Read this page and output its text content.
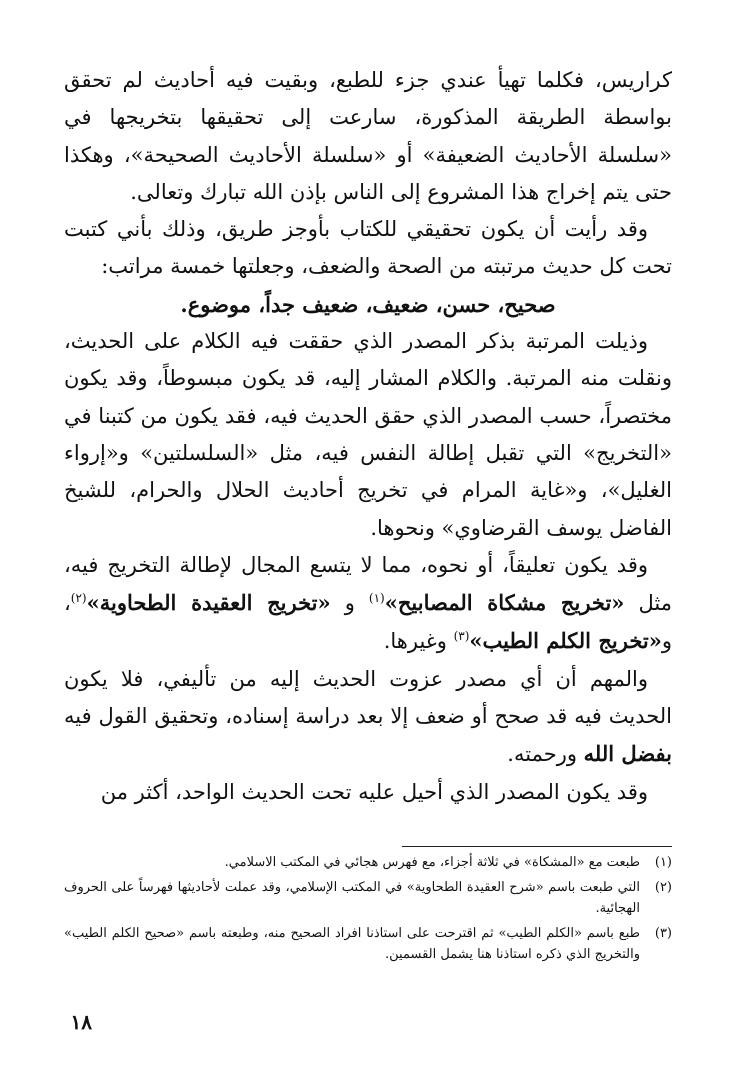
كراريس، فكلما تهيأ عندي جزء للطبع، وبقيت فيه أحاديث لم تحقق بواسطة الطريقة المذكورة، سارعت إلى تحقيقها بتخريجها في «سلسلة الأحاديث الضعيفة» أو «سلسلة الأحاديث الصحيحة»، وهكذا حتى يتم إخراج هذا المشروع إلى الناس بإذن الله تبارك وتعالى.

وقد رأيت أن يكون تحقيقي للكتاب بأوجز طريق، وذلك بأني كتبت تحت كل حديث مرتبته من الصحة والضعف، وجعلتها خمسة مراتب:

صحيح، حسن، ضعيف، ضعيف جداً، موضوع.

وذيلت المرتبة بذكر المصدر الذي حققت فيه الكلام على الحديث، ونقلت منه المرتبة. والكلام المشار إليه، قد يكون مبسوطاً، وقد يكون مختصراً، حسب المصدر الذي حقق الحديث فيه، فقد يكون من كتبنا في «التخريج» التي تقبل إطالة النفس فيه، مثل «السلسلتين» و«إرواء الغليل»، و«غاية المرام في تخريج أحاديث الحلال والحرام، للشيخ الفاضل يوسف القرضاوي» ونحوها.

وقد يكون تعليقاً، أو نحوه، مما لا يتسع المجال لإطالة التخريج فيه، مثل «تخريج مشكاة المصابيح»$^{(١)}$ و «تخريج العقيدة الطحاوية»$^{(٢)}$، و«تخريج الكلم الطيب»$^{(٣)}$ وغيرها.

والمهم أن أي مصدر عزوت الحديث إليه من تأليفي، فلا يكون الحديث فيه قد صحح أو ضعف إلا بعد دراسة إسناده، وتحقيق القول فيه بفضل الله ورحمته.

وقد يكون المصدر الذي أحيل عليه تحت الحديث الواحد، أكثر من

(١)
طبعت مع «المشكاة» في ثلاثة أجزاء، مع فهرس هجائي في المكتب الاسلامي.
(٢)
التي طبعت باسم «شرح العقيدة الطحاوية» في المكتب الإسلامي، وقد عملت لأحاديثها فهرساً على الحروف الهجائية.
(٣)
طبع باسم «الكلم الطيب» ثم اقترحت على استاذنا افراد الصحيح منه، وطبعته باسم «صحيح الكلم الطيب» والتخريج الذي ذكره استاذنا هنا يشمل القسمين.
١٨
